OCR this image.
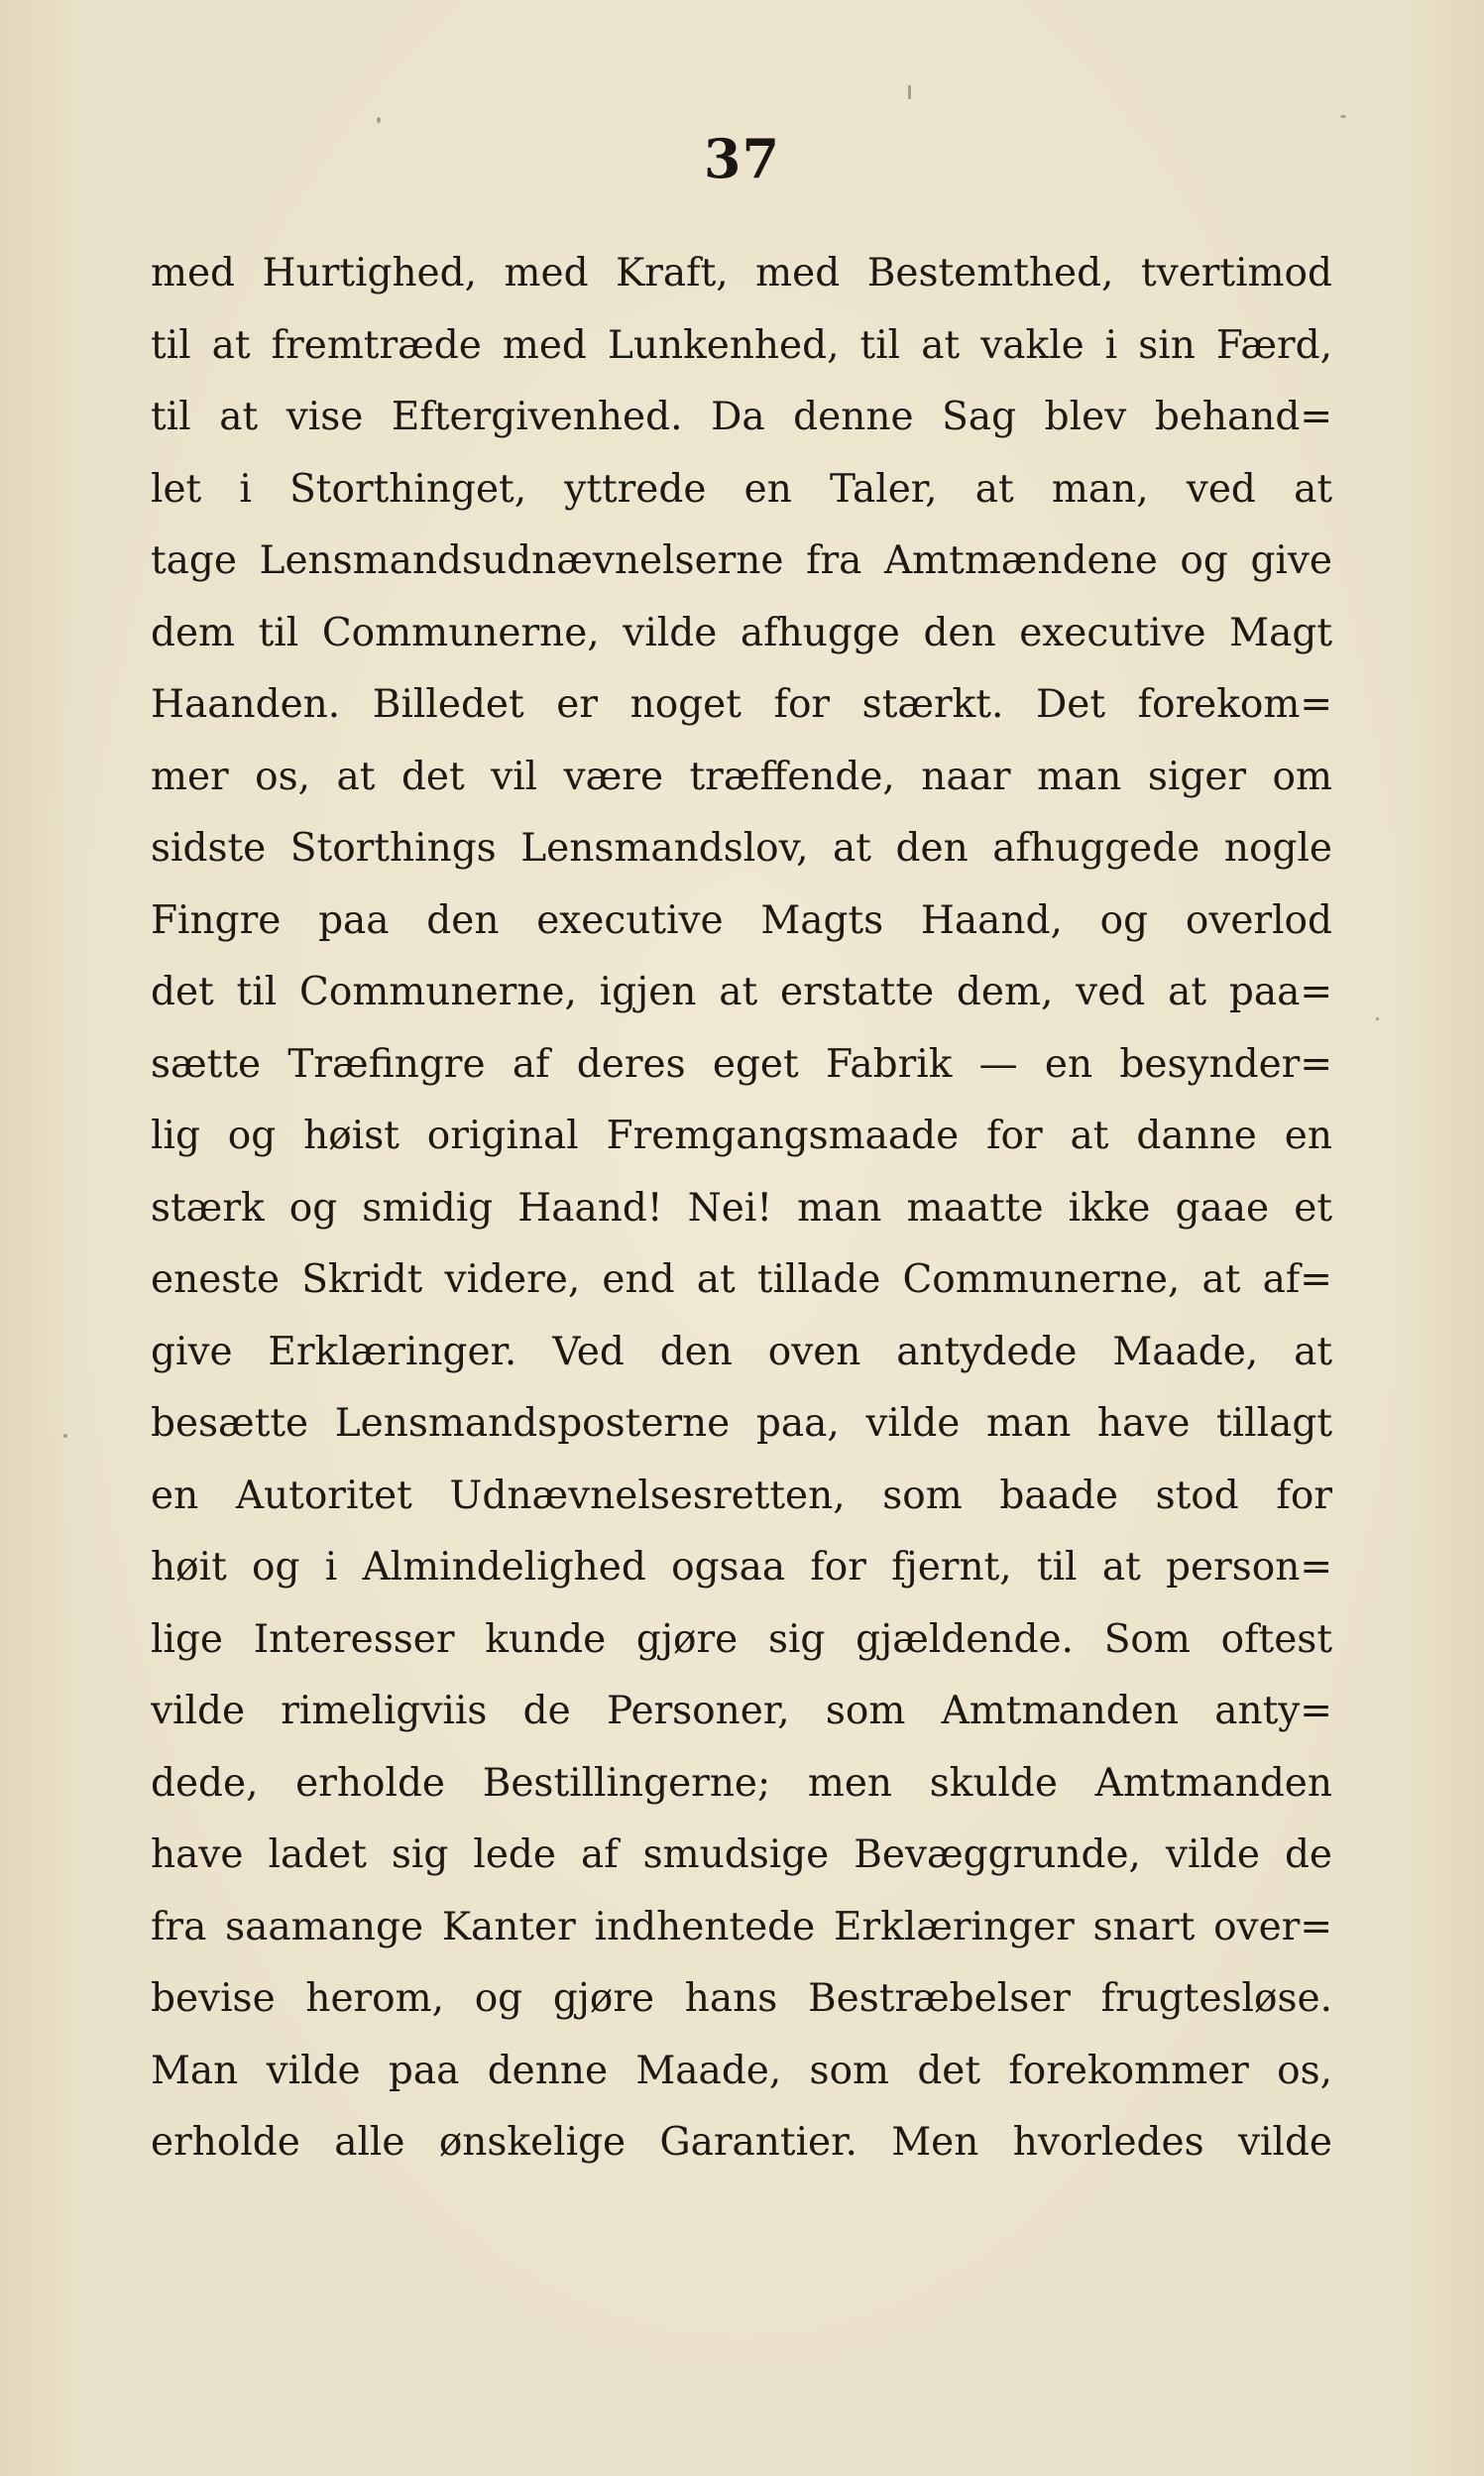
37
med Hurtighed, med Kraft, med Bestemthed, tvertimod
til at fremtræde med Lunkenhed, til at vakle i sin Færd,
til at vise Eftergivenhed. Da denne Sag blev behand=
let i Storthinget, yttrede en Taler, at man, ved at
tage Lensmandsudnævnelserne fra Amtmændene og give
dem til Communerne, vilde afhugge den executive Magt
Haanden. Billedet er noget for stærkt. Det forekom=
mer os, at det vil være træffende, naar man siger om
sidste Storthings Lensmandslov, at den afhuggede nogle
Fingre paa den executive Magts Haand, og overlod
det til Communerne, igjen at erstatte dem, ved at paa=
sætte Træfingre af deres eget Fabrik — en besynder=
lig og høist original Fremgangsmaade for at danne en
stærk og smidig Haand! Nei! man maatte ikke gaae et
eneste Skridt videre, end at tillade Communerne, at af=
give Erklæringer. Ved den oven antydede Maade, at
besætte Lensmandsposterne paa, vilde man have tillagt
en Autoritet Udnævnelsesretten, som baade stod for
høit og i Almindelighed ogsaa for fjernt, til at person=
lige Interesser kunde gjøre sig gjældende. Som oftest
vilde rimeligviis de Personer, som Amtmanden anty=
dede, erholde Bestillingerne; men skulde Amtmanden
have ladet sig lede af smudsige Bevæggrunde, vilde de
fra saamange Kanter indhentede Erklæringer snart over=
bevise herom, og gjøre hans Bestræbelser frugtesløse.
Man vilde paa denne Maade, som det forekommer os,
erholde alle ønskelige Garantier. Men hvorledes vilde
